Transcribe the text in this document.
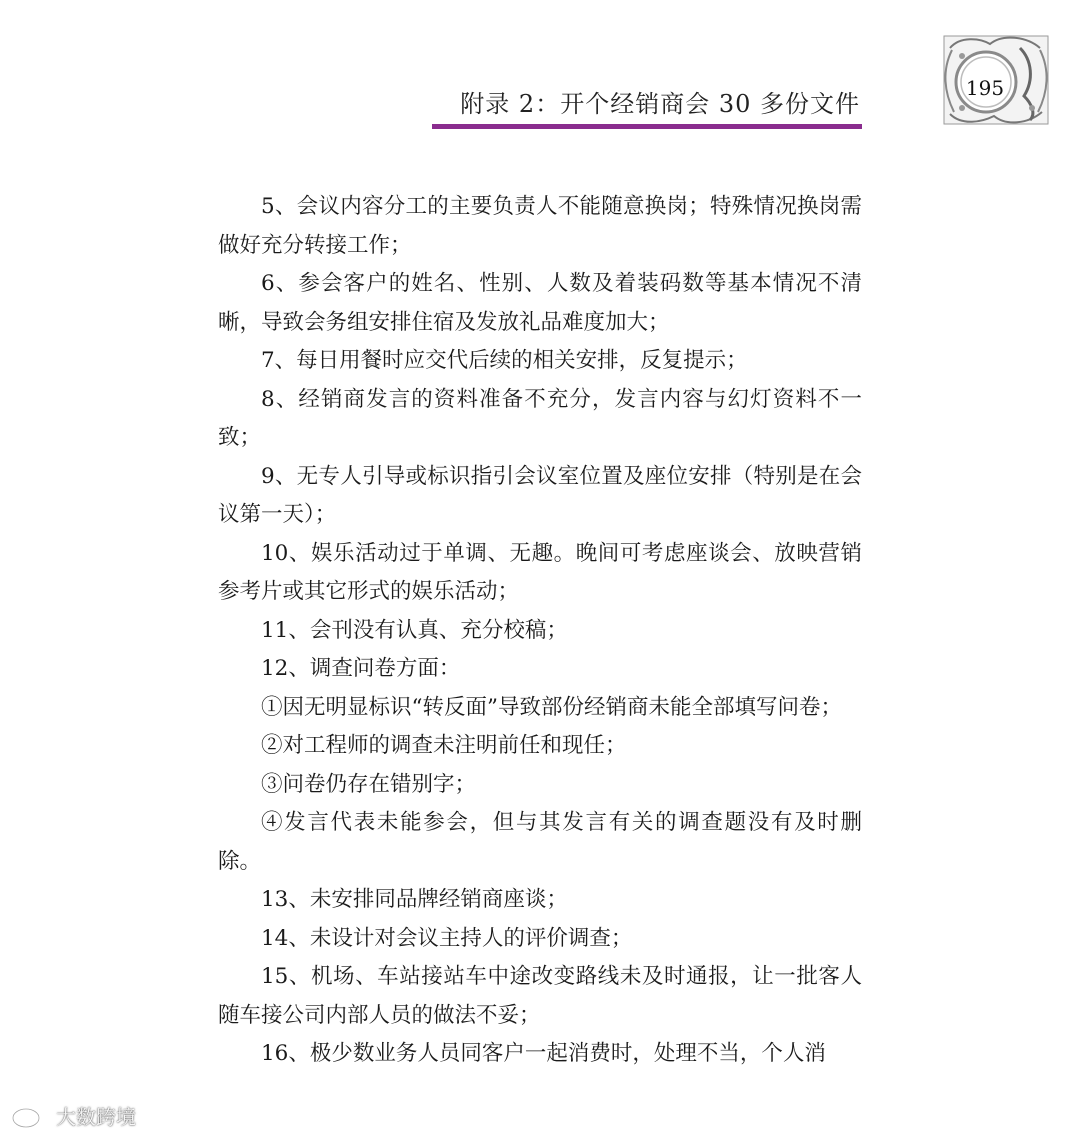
附录 2：开个经销商会 30 多份文件
195

5、会议内容分工的主要负责人不能随意换岗；特殊情况换岗需做好充分转接工作；

6、参会客户的姓名、性别、人数及着装码数等基本情况不清晰，导致会务组安排住宿及发放礼品难度加大；

7、每日用餐时应交代后续的相关安排，反复提示；

8、经销商发言的资料准备不充分，发言内容与幻灯资料不一致；

9、无专人引导或标识指引会议室位置及座位安排（特别是在会议第一天）；

10、娱乐活动过于单调、无趣。晚间可考虑座谈会、放映营销参考片或其它形式的娱乐活动；

11、会刊没有认真、充分校稿；

12、调查问卷方面：

①因无明显标识“转反面”导致部份经销商未能全部填写问卷；

②对工程师的调查未注明前任和现任；

③问卷仍存在错别字；

④发言代表未能参会，但与其发言有关的调查题没有及时删除。

13、未安排同品牌经销商座谈；

14、未设计对会议主持人的评价调查；

15、机场、车站接站车中途改变路线未及时通报，让一批客人随车接公司内部人员的做法不妥；

16、极少数业务人员同客户一起消费时，处理不当，个人消

大数跨境
